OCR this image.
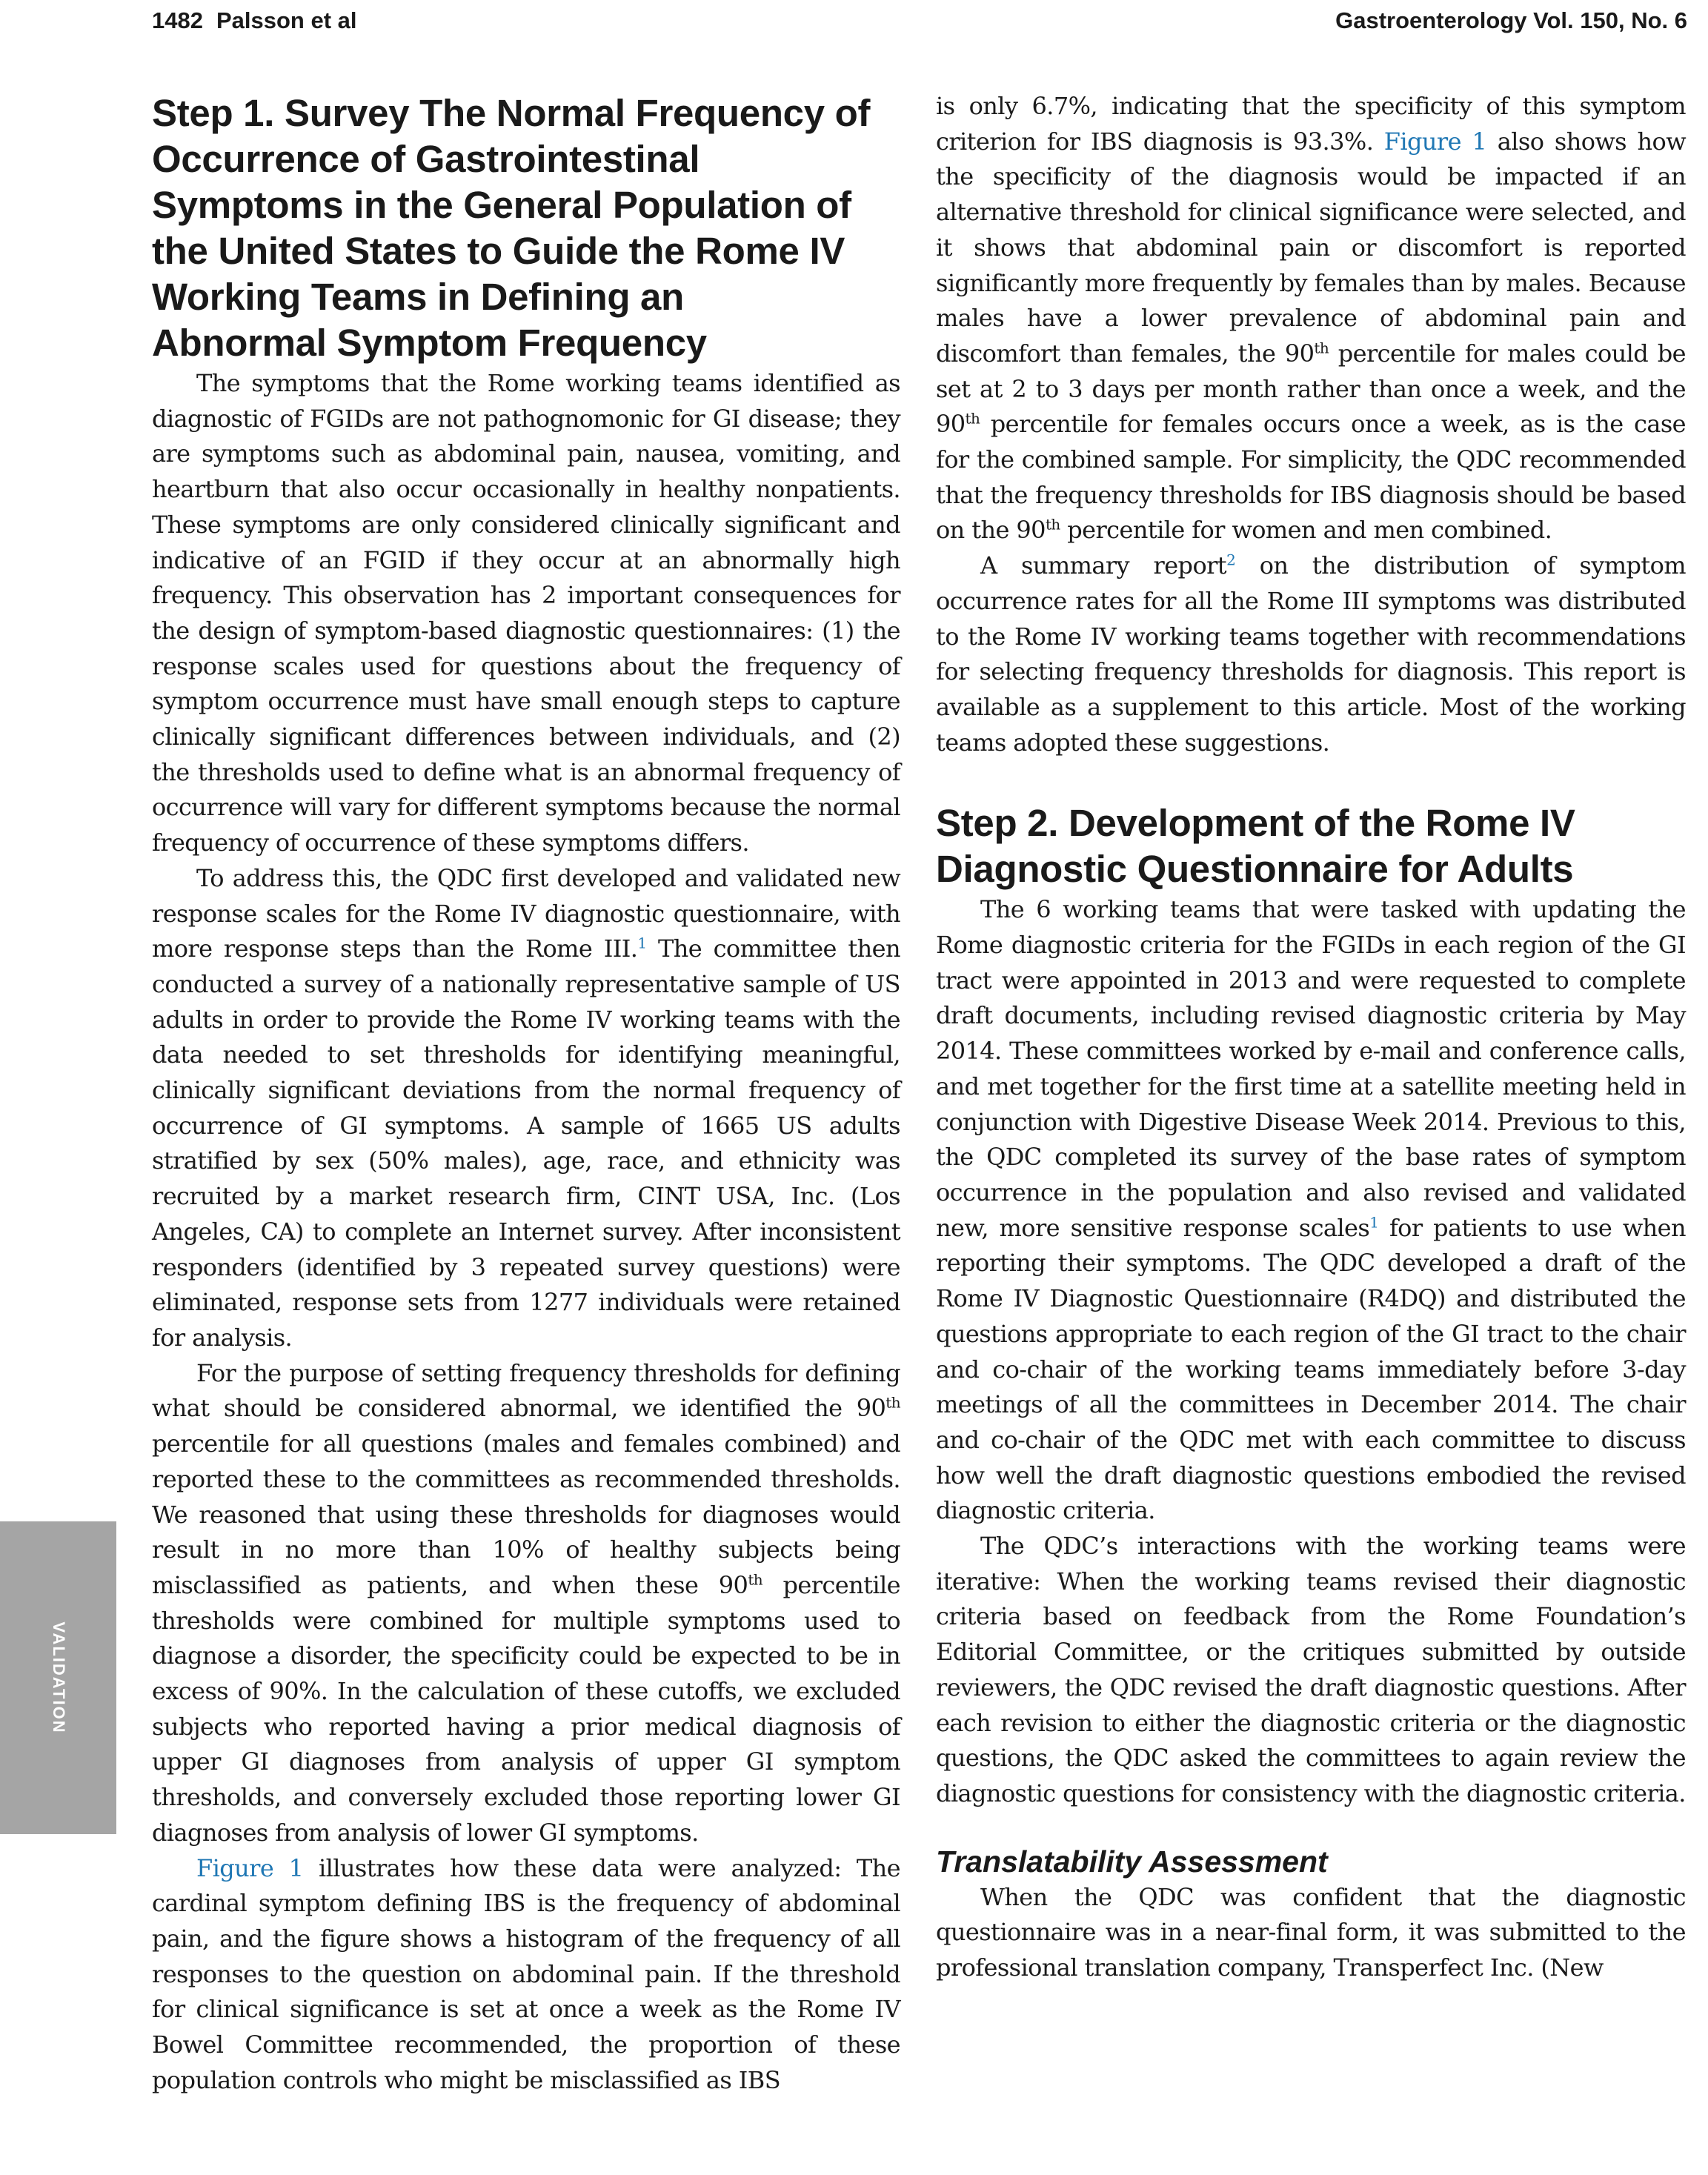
1482 Palsson et al	Gastroenterology Vol. 150, No. 6
VALIDATION
Step 1. Survey The Normal Frequency of
Occurrence of Gastrointestinal
Symptoms in the General Population of
the United States to Guide the Rome IV
Working Teams in Defining an
Abnormal Symptom Frequency

The symptoms that the Rome working teams identified as diagnostic of FGIDs are not pathognomonic for GI disease; they are symptoms such as abdominal pain, nausea, vomiting, and heartburn that also occur occasionally in healthy nonpatients. These symptoms are only considered clinically significant and indicative of an FGID if they occur at an abnormally high frequency. This observation has 2 important consequences for the design of symptom-based diagnostic questionnaires: (1) the response scales used for questions about the frequency of symptom occurrence must have small enough steps to capture clinically significant differences between individuals, and (2) the thresholds used to define what is an abnormal frequency of occurrence will vary for different symptoms because the normal frequency of occurrence of these symptoms differs.

To address this, the QDC first developed and validated new response scales for the Rome IV diagnostic questionnaire, with more response steps than the Rome III.$^1$ The committee then conducted a survey of a nationally representative sample of US adults in order to provide the Rome IV working teams with the data needed to set thresholds for identifying meaningful, clinically significant deviations from the normal frequency of occurrence of GI symptoms. A sample of 1665 US adults stratified by sex (50% males), age, race, and ethnicity was recruited by a market research firm, CINT USA, Inc. (Los Angeles, CA) to complete an Internet survey. After inconsistent responders (identified by 3 repeated survey questions) were eliminated, response sets from 1277 individuals were retained for analysis.

For the purpose of setting frequency thresholds for defining what should be considered abnormal, we identified the 90th percentile for all questions (males and females combined) and reported these to the committees as recommended thresholds. We reasoned that using these thresholds for diagnoses would result in no more than 10% of healthy subjects being misclassified as patients, and when these 90th percentile thresholds were combined for multiple symptoms used to diagnose a disorder, the specificity could be expected to be in excess of 90%. In the calculation of these cutoffs, we excluded subjects who reported having a prior medical diagnosis of upper GI diagnoses from analysis of upper GI symptom thresholds, and conversely excluded those reporting lower GI diagnoses from analysis of lower GI symptoms.

Figure 1 illustrates how these data were analyzed: The cardinal symptom defining IBS is the frequency of abdominal pain, and the figure shows a histogram of the frequency of all responses to the question on abdominal pain. If the threshold for clinical significance is set at once a week as the Rome IV Bowel Committee recommended, the proportion of these population controls who might be misclassified as IBS

is only 6.7%, indicating that the specificity of this symptom criterion for IBS diagnosis is 93.3%. Figure 1 also shows how the specificity of the diagnosis would be impacted if an alternative threshold for clinical significance were selected, and it shows that abdominal pain or discomfort is reported significantly more frequently by females than by males. Because males have a lower prevalence of abdominal pain and discomfort than females, the 90th percentile for males could be set at 2 to 3 days per month rather than once a week, and the 90th percentile for females occurs once a week, as is the case for the combined sample. For simplicity, the QDC recommended that the frequency thresholds for IBS diagnosis should be based on the 90th percentile for women and men combined.

A summary report$^2$ on the distribution of symptom occurrence rates for all the Rome III symptoms was distributed to the Rome IV working teams together with recommendations for selecting frequency thresholds for diagnosis. This report is available as a supplement to this article. Most of the working teams adopted these suggestions.

Step 2. Development of the Rome IV
Diagnostic Questionnaire for Adults

The 6 working teams that were tasked with updating the Rome diagnostic criteria for the FGIDs in each region of the GI tract were appointed in 2013 and were requested to complete draft documents, including revised diagnostic criteria by May 2014. These committees worked by e-mail and conference calls, and met together for the first time at a satellite meeting held in conjunction with Digestive Disease Week 2014. Previous to this, the QDC completed its survey of the base rates of symptom occurrence in the population and also revised and validated new, more sensitive response scales$^1$ for patients to use when reporting their symptoms. The QDC developed a draft of the Rome IV Diagnostic Questionnaire (R4DQ) and distributed the questions appropriate to each region of the GI tract to the chair and co-chair of the working teams immediately before 3-day meetings of all the committees in December 2014. The chair and co-chair of the QDC met with each committee to discuss how well the draft diagnostic questions embodied the revised diagnostic criteria.

The QDC’s interactions with the working teams were iterative: When the working teams revised their diagnostic criteria based on feedback from the Rome Foundation’s Editorial Committee, or the critiques submitted by outside reviewers, the QDC revised the draft diagnostic questions. After each revision to either the diagnostic criteria or the diagnostic questions, the QDC asked the committees to again review the diagnostic questions for consistency with the diagnostic criteria.

Translatability Assessment

When the QDC was confident that the diagnostic questionnaire was in a near-final form, it was submitted to the professional translation company, Transperfect Inc. (New
